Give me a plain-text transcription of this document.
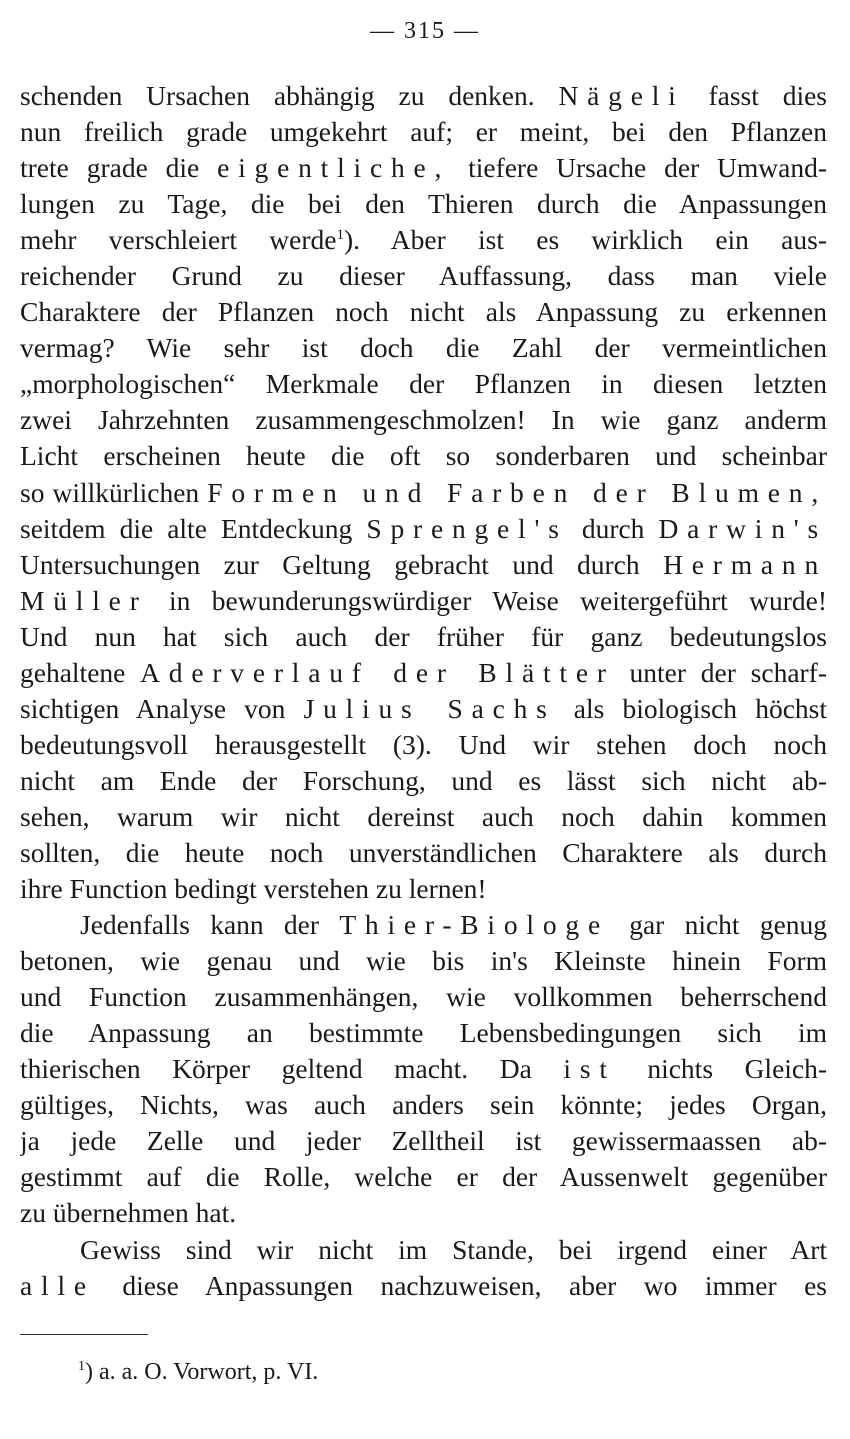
— 315 —
schenden Ursachen abhängig zu denken. Nägeli fasst dies
nun freilich grade umgekehrt auf; er meint, bei den Pflanzen
trete grade die eigentliche, tiefere Ursache der Umwand-
lungen zu Tage, die bei den Thieren durch die Anpassungen
mehr verschleiert werde$^1$). Aber ist es wirklich ein aus-
reichender Grund zu dieser Auffassung, dass man viele
Charaktere der Pflanzen noch nicht als Anpassung zu erkennen
vermag? Wie sehr ist doch die Zahl der vermeintlichen
„morphologischen“ Merkmale der Pflanzen in diesen letzten
zwei Jahrzehnten zusammengeschmolzen! In wie ganz anderm
Licht erscheinen heute die oft so sonderbaren und scheinbar
so willkürlichen Formen und Farben der Blumen,
seitdem die alte Entdeckung Sprengel's durch Darwin's
Untersuchungen zur Geltung gebracht und durch Hermann
Müller in bewunderungswürdiger Weise weitergeführt wurde!
Und nun hat sich auch der früher für ganz bedeutungslos
gehaltene Aderverlauf der Blätter unter der scharf-
sichtigen Analyse von Julius Sachs als biologisch höchst
bedeutungsvoll herausgestellt (3). Und wir stehen doch noch
nicht am Ende der Forschung, und es lässt sich nicht ab-
sehen, warum wir nicht dereinst auch noch dahin kommen
sollten, die heute noch unverständlichen Charaktere als durch
ihre Function bedingt verstehen zu lernen!
Jedenfalls kann der Thier-Biologe gar nicht genug
betonen, wie genau und wie bis in's Kleinste hinein Form
und Function zusammenhängen, wie vollkommen beherrschend
die Anpassung an bestimmte Lebensbedingungen sich im
thierischen Körper geltend macht. Da ist nichts Gleich-
gültiges, Nichts, was auch anders sein könnte; jedes Organ,
ja jede Zelle und jeder Zelltheil ist gewissermaassen ab-
gestimmt auf die Rolle, welche er der Aussenwelt gegenüber
zu übernehmen hat.
Gewiss sind wir nicht im Stande, bei irgend einer Art
alle diese Anpassungen nachzuweisen, aber wo immer es
$^1$) a. a. O. Vorwort, p. VI.
